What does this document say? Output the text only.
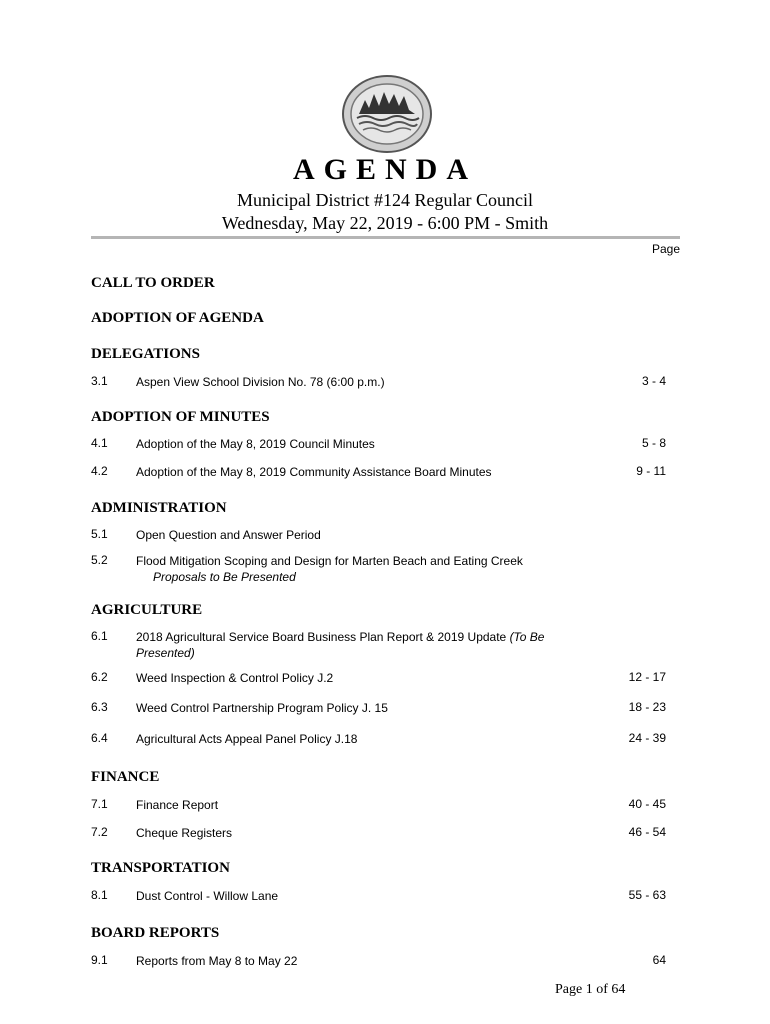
AGENDA
Municipal District #124 Regular Council
Wednesday, May 22, 2019 - 6:00 PM - Smith
Page
CALL TO ORDER
ADOPTION OF AGENDA
DELEGATIONS
3.1 Aspen View School Division No. 78 (6:00 p.m.)	3 - 4
ADOPTION OF MINUTES
4.1 Adoption of the May 8, 2019 Council Minutes	5 - 8
4.2 Adoption of the May 8, 2019 Community Assistance Board Minutes	9 - 11
ADMINISTRATION
5.1 Open Question and Answer Period
5.2 Flood Mitigation Scoping and Design for Marten Beach and Eating Creek
Proposals to Be Presented
AGRICULTURE
6.1 2018 Agricultural Service Board Business Plan Report & 2019 Update (To Be Presented)
6.2 Weed Inspection & Control Policy J.2	12 - 17
6.3 Weed Control Partnership Program Policy J. 15	18 - 23
6.4 Agricultural Acts Appeal Panel Policy J.18	24 - 39
FINANCE
7.1 Finance Report	40 - 45
7.2 Cheque Registers	46 - 54
TRANSPORTATION
8.1 Dust Control - Willow Lane	55 - 63
BOARD REPORTS
9.1 Reports from May 8 to May 22	64
Page 1 of 64
